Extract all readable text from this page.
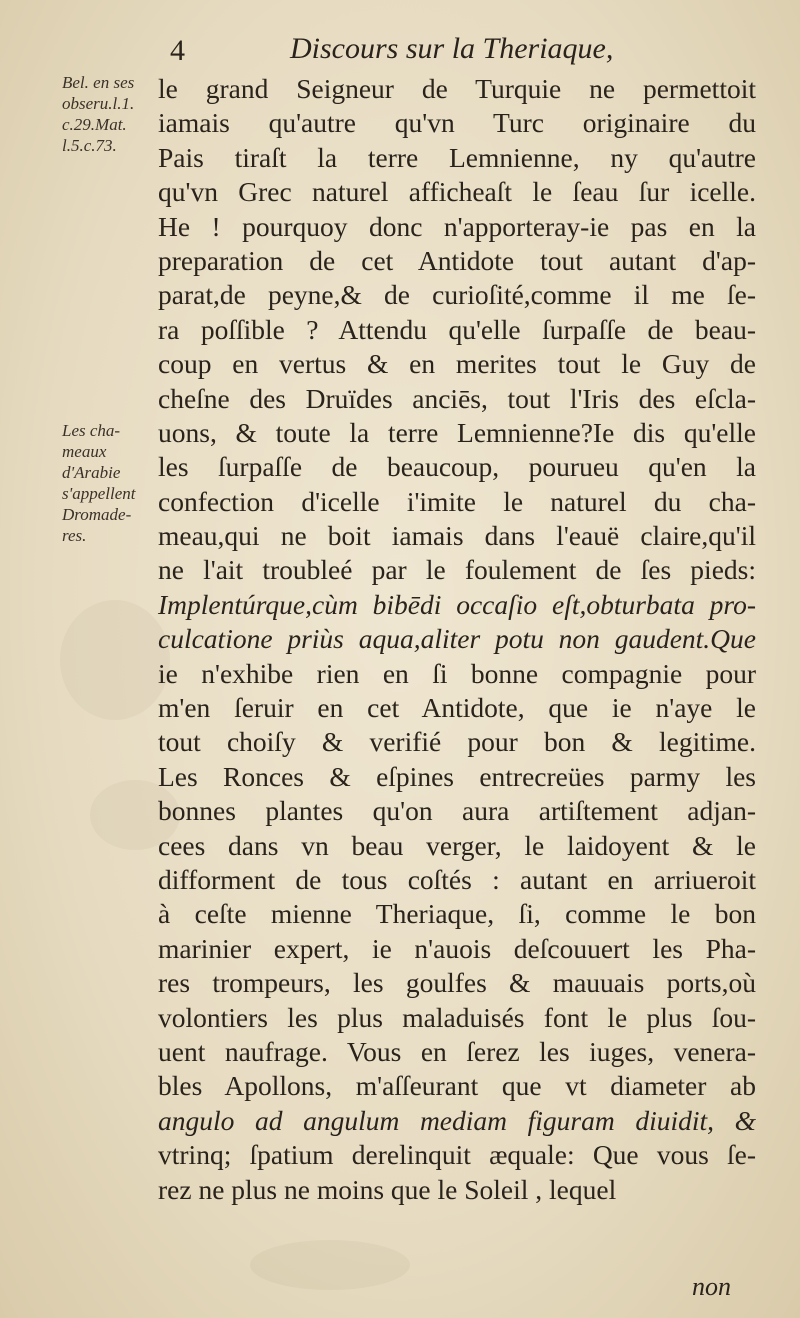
4	Discours sur la Theriaque,
Bel. en ses
obseru.l.1.
c.29.Mat.
l.5.c.73.
Les cha-
meaux
d'Arabie
s'appellent
Dromade-
res.
le grand Seigneur de Turquie ne permettoit
iamais qu'autre qu'vn Turc originaire du
Pais tiraſt la terre Lemnienne, ny qu'autre
qu'vn Grec naturel afficheaſt le ſeau ſur icelle.
He ! pourquoy donc n'apporteray-ie pas en la
preparation de cet Antidote tout autant d'ap-
parat,de peyne,& de curioſité,comme il me ſe-
ra poſſible ? Attendu qu'elle ſurpaſſe de beau-
coup en vertus & en merites tout le Guy de
cheſne des Druïdes anciēs, tout l'Iris des eſcla-
uons, & toute la terre Lemnienne?Ie dis qu'elle
les ſurpaſſe de beaucoup, pourueu qu'en la
confection d'icelle i'imite le naturel du cha-
meau,qui ne boit iamais dans l'eauë claire,qu'il
ne l'ait troubleé par le foulement de ſes pieds:
Implentúrque,cùm bibēdi occaſio eſt,obturbata pro-
culcatione priùs aqua,aliter potu non gaudent.Que
ie n'exhibe rien en ſi bonne compagnie pour
m'en ſeruir en cet Antidote, que ie n'aye le
tout choiſy & verifié pour bon & legitime.
Les Ronces & eſpines entrecreües parmy les
bonnes plantes qu'on aura artiſtement adjan-
cees dans vn beau verger, le laidoyent & le
difforment de tous coſtés : autant en arriueroit
à ceſte mienne Theriaque, ſi, comme le bon
marinier expert, ie n'auois deſcouuert les Pha-
res trompeurs, les goulfes & mauuais ports,où
volontiers les plus maladuisés font le plus ſou-
uent naufrage. Vous en ſerez les iuges, venera-
bles Apollons, m'aſſeurant que vt diameter ab
angulo ad angulum mediam figuram diuidit, &
vtrinq; ſpatium derelinquit æquale: Que vous ſe-
rez ne plus ne moins que le Soleil , lequel
non
